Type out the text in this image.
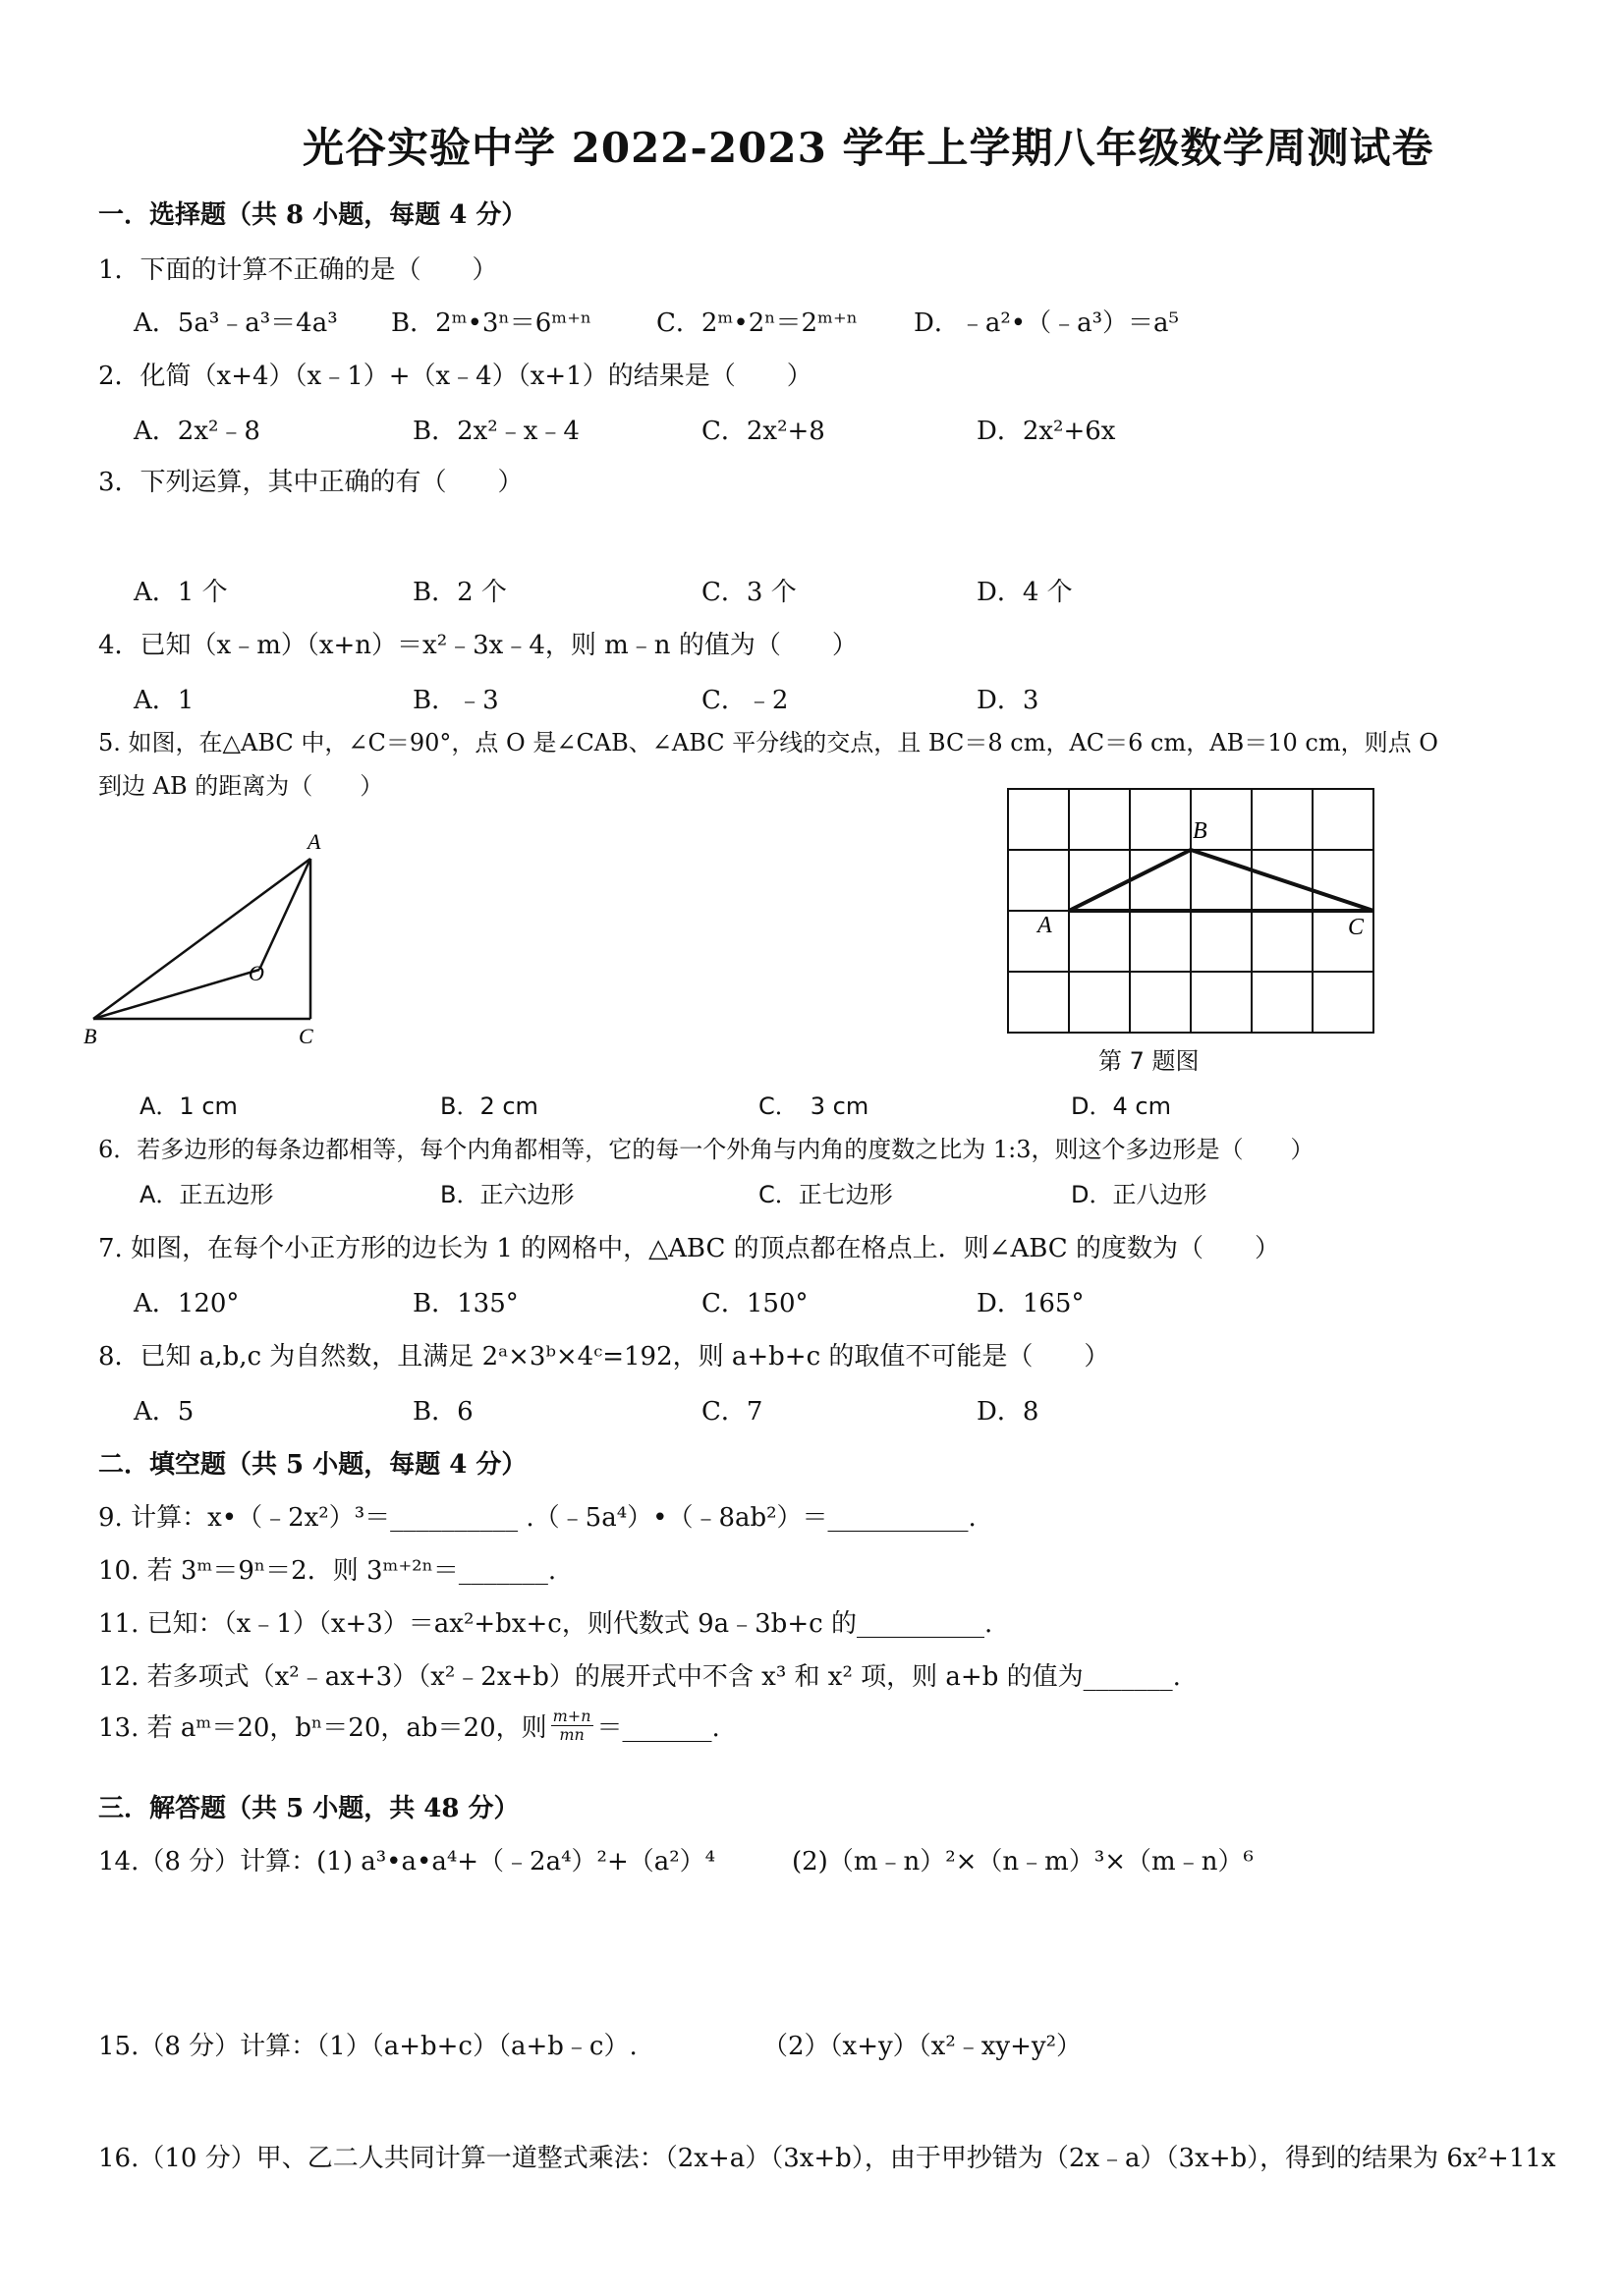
光谷实验中学 2022-2023 学年上学期八年级数学周测试卷
一．选择题（共 8 小题，每题 4 分）
1．下面的计算不正确的是（　　）
A．5a³﹣a³＝4a³ B．2ᵐ•3ⁿ＝6ᵐ⁺ⁿ	C．2ᵐ•2ⁿ＝2ᵐ⁺ⁿ D．﹣a²•（﹣a³）＝a⁵
2．化简（x+4）（x﹣1）+（x﹣4）（x+1）的结果是（　　）
A．2x²﹣8	B．2x²﹣x﹣4	C．2x²+8	D．2x²+6x
3．下列运算，其中正确的有（　　）
A．1 个	B．2 个	C．3 个	D．4 个
4．已知（x﹣m）（x+n）＝x²﹣3x﹣4，则 m﹣n 的值为（　　）
A．1	B．﹣3	C．﹣2	D．3
5. 如图，在△ABC 中，∠C＝90°，点 O 是∠CAB、∠ABC 平分线的交点，且 BC＝8 cm，AC＝6 cm，AB＝10 cm，则点 O
到边 AB 的距离为（　　）
A
O
B	C
B
A	C
第 7 题图
A．1 cm	B．2 cm	C．　3 cm	D．4 cm
6．若多边形的每条边都相等，每个内角都相等，它的每一个外角与内角的度数之比为 1:3，则这个多边形是（　　）
A．正五边形	B．正六边形	C．正七边形	D．正八边形
7. 如图，在每个小正方形的边长为 1 的网格中，△ABC 的顶点都在格点上．则∠ABC 的度数为（　　）
A．120°	B．135°	C．150°	D．165°
8．已知 a,b,c 为自然数，且满足 2ᵃ×3ᵇ×4ᶜ=192，则 a+b+c 的取值不可能是（　　）
A．5	B．6	C．7	D．8
二．填空题（共 5 小题，每题 4 分）
9. 计算：x•（﹣2x²）³＝__________ .（﹣5a⁴）•（﹣8ab²）＝___________.
10. 若 3ᵐ＝9ⁿ＝2．则 3ᵐ⁺²ⁿ＝_______.
11. 已知：（x﹣1）（x+3）＝ax²+bx+c，则代数式 9a﹣3b+c 的__________.
12. 若多项式（x²﹣ax+3）（x²﹣2x+b）的展开式中不含 x³ 和 x² 项，则 a+b 的值为_______.
13. 若 aᵐ＝20，bⁿ＝20，ab＝20，则 $\frac{m+n}{mn}$ ＝_______.
三．解答题（共 5 小题，共 48 分）
14.（8 分）计算：(1) a³•a•a⁴+（﹣2a⁴）²+（a²）⁴	(2)（m﹣n）²×（n﹣m）³×（m﹣n）⁶
15.（8 分）计算：（1）（a+b+c）（a+b﹣c）.	（2）（x+y）（x²﹣xy+y²）
16.（10 分）甲、乙二人共同计算一道整式乘法：（2x+a）（3x+b），由于甲抄错为（2x﹣a）（3x+b），得到的结果为 6x²+11x
